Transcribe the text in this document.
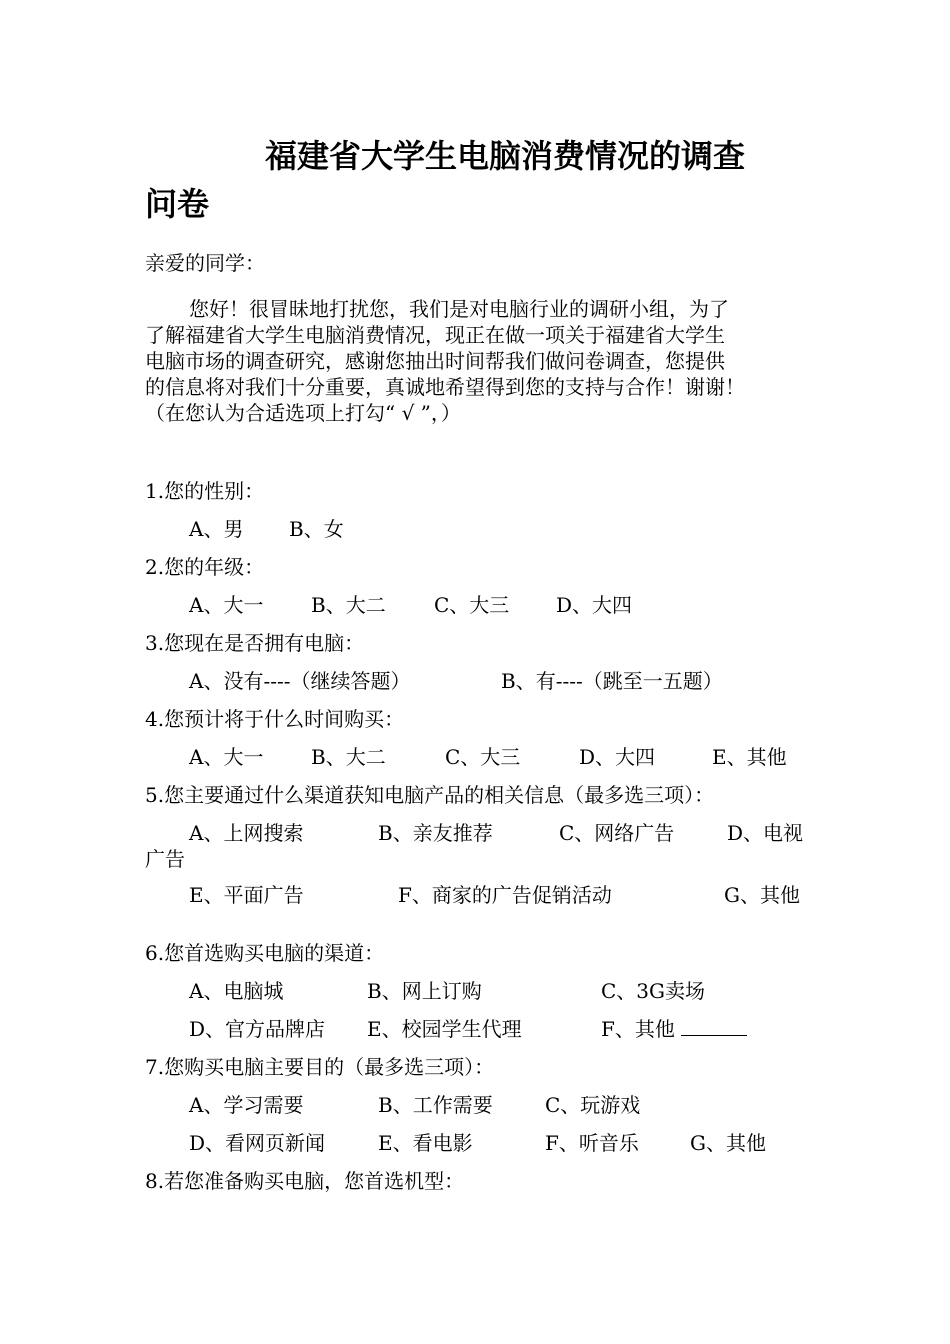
福建省大学生电脑消费情况的调查
问卷
亲爱的同学：
您好！很冒昧地打扰您，我们是对电脑行业的调研小组，为了
了解福建省大学生电脑消费情况，现正在做一项关于福建省大学生
电脑市场的调查研究，感谢您抽出时间帮我们做问卷调查，您提供
的信息将对我们十分重要，真诚地希望得到您的支持与合作！谢谢！
（在您认为合适选项上打勾“ √ ”，）
1.您的性别：
A、男 B、女
2.您的年级：
A、大一 B、大二 C、大三 D、大四
3.您现在是否拥有电脑：
A、没有----（继续答题）	B、有----（跳至一五题）
4.您预计将于什么时间购买：
A、大一 B、大二	C、大三	D、大四	E、其他
5.您主要通过什么渠道获知电脑产品的相关信息（最多选三项）：
A、上网搜索	B、亲友推荐	C、网络广告	D、电视
广告
E、平面广告	F、商家的广告促销活动	G、其他
6.您首选购买电脑的渠道：
A、电脑城	B、网上订购	C、3G卖场
D、官方品牌店 E、校园学生代理	F、其他
7.您购买电脑主要目的（最多选三项）：
A、学习需要	B、工作需要	C、玩游戏
D、看网页新闻	E、看电影	F、听音乐	G、其他
8.若您准备购买电脑，您首选机型：
